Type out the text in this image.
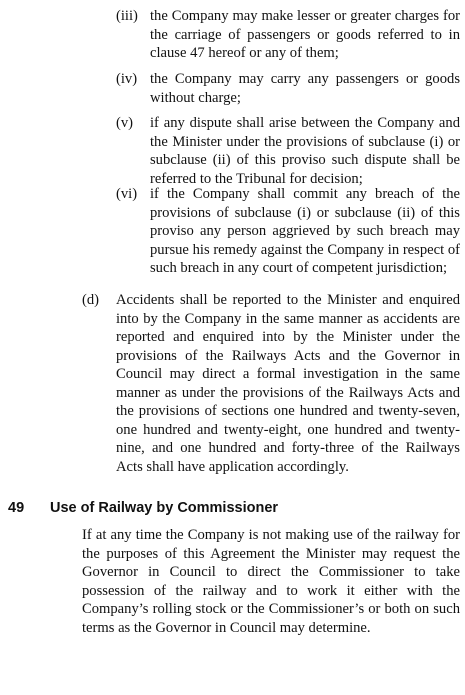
(iii) the Company may make lesser or greater charges for the carriage of passengers or goods referred to in clause 47 hereof or any of them;
(iv) the Company may carry any passengers or goods without charge;
(v)	if any dispute shall arise between the Company and the Minister under the provisions of subclause (i) or subclause (ii) of this proviso such dispute shall be referred to the Tribunal for decision;
(vi) if the Company shall commit any breach of the provisions of subclause (i) or subclause (ii) of this proviso any person aggrieved by such breach may pursue his remedy against the Company in respect of such breach in any court of competent jurisdiction;
(d)	Accidents shall be reported to the Minister and enquired into by the Company in the same manner as accidents are reported and enquired into by the Minister under the provisions of the Railways Acts and the Governor in Council may direct a formal investigation in the same manner as under the provisions of the Railways Acts and the provisions of sections one hundred and twenty-seven, one hundred and twenty-eight, one hundred and twenty-nine, and one hundred and forty-three of the Railways Acts shall have application accordingly.
49 Use of Railway by Commissioner
If at any time the Company is not making use of the railway for the purposes of this Agreement the Minister may request the Governor in Council to direct the Commissioner to take possession of the railway and to work it either with the Company’s rolling stock or the Commissioner’s or both on such terms as the Governor in Council may determine.
